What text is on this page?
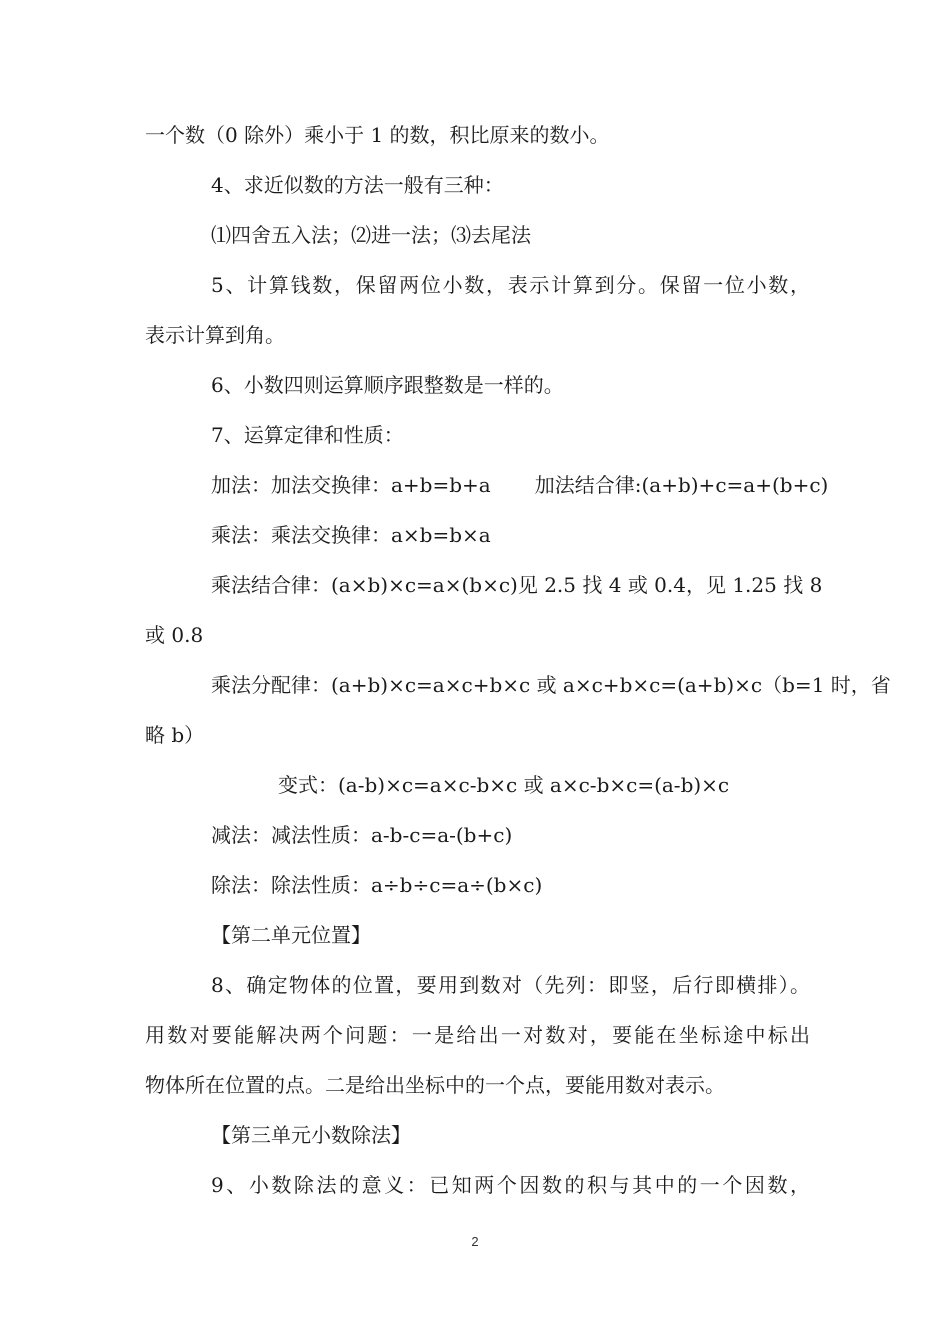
一个数（0 除外）乘小于 1 的数，积比原来的数小。
4、求近似数的方法一般有三种：
⑴四舍五入法；⑵进一法；⑶去尾法
5、计算钱数，保留两位小数，表示计算到分。保留一位小数，
表示计算到角。
6、小数四则运算顺序跟整数是一样的。
7、运算定律和性质：
加法：加法交换律：a+b=b+a 加法结合律:(a+b)+c=a+(b+c)
乘法：乘法交换律：a×b=b×a
乘法结合律：(a×b)×c=a×(b×c)见 2.5 找 4 或 0.4，见 1.25 找 8
或 0.8
乘法分配律：(a+b)×c=a×c+b×c 或 a×c+b×c=(a+b)×c（b=1 时，省
略 b）
变式：(a-b)×c=a×c-b×c 或 a×c-b×c=(a-b)×c
减法：减法性质：a-b-c=a-(b+c)
除法：除法性质：a÷b÷c=a÷(b×c)
【第二单元位置】
8、确定物体的位置，要用到数对（先列：即竖，后行即横排）。
用数对要能解决两个问题：一是给出一对数对，要能在坐标途中标出
物体所在位置的点。二是给出坐标中的一个点，要能用数对表示。
【第三单元小数除法】
9、小数除法的意义：已知两个因数的积与其中的一个因数，
2
